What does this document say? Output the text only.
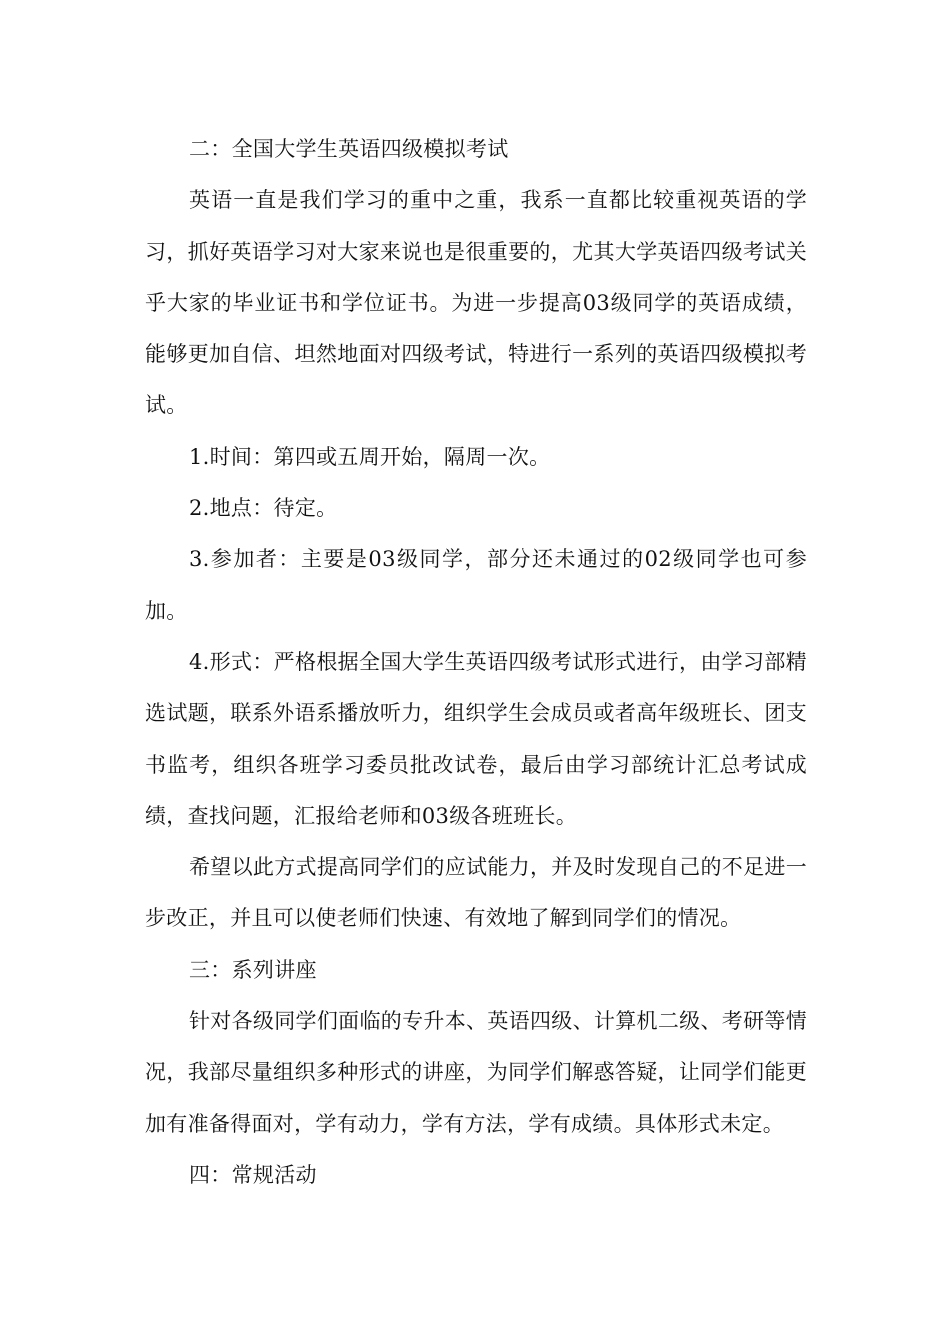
二：全国大学生英语四级模拟考试

英语一直是我们学习的重中之重，我系一直都比较重视英语的学习，抓好英语学习对大家来说也是很重要的，尤其大学英语四级考试关乎大家的毕业证书和学位证书。为进一步提高03级同学的英语成绩，能够更加自信、坦然地面对四级考试，特进行一系列的英语四级模拟考试。

1.时间：第四或五周开始，隔周一次。

2.地点：待定。

3.参加者：主要是03级同学，部分还未通过的02级同学也可参加。

4.形式：严格根据全国大学生英语四级考试形式进行，由学习部精选试题，联系外语系播放听力，组织学生会成员或者高年级班长、团支书监考，组织各班学习委员批改试卷，最后由学习部统计汇总考试成绩，查找问题，汇报给老师和03级各班班长。

希望以此方式提高同学们的应试能力，并及时发现自己的不足进一步改正，并且可以使老师们快速、有效地了解到同学们的情况。

三：系列讲座

针对各级同学们面临的专升本、英语四级、计算机二级、考研等情况，我部尽量组织多种形式的讲座，为同学们解惑答疑，让同学们能更加有准备得面对，学有动力，学有方法，学有成绩。具体形式未定。

四：常规活动
